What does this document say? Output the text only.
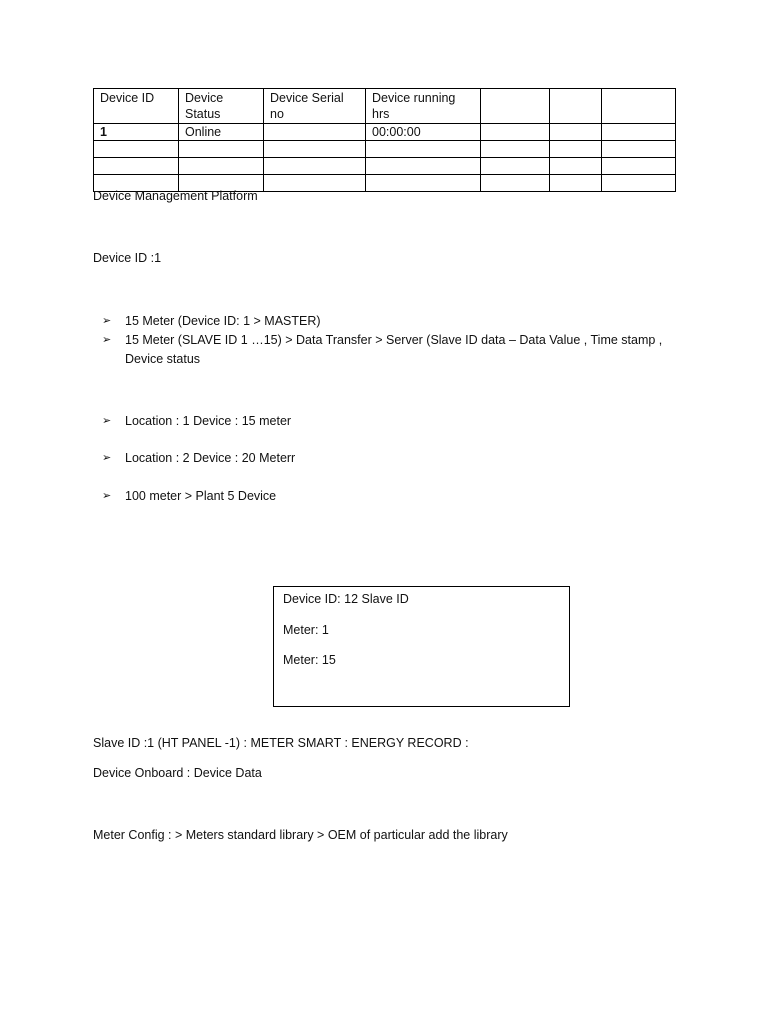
Device ID	Device Status	Device Serial no	Device running hrs			
1	Online		00:00:00			

Device Management Platform
Device ID :1
➢ 15 Meter (Device ID: 1 > MASTER)
➢ 15 Meter (SLAVE ID 1 …15) > Data Transfer > Server (Slave ID data – Data Value , Time stamp , Device status
➢ Location : 1 Device : 15 meter
➢ Location : 2 Device : 20 Meterr
➢ 100 meter > Plant 5 Device
Device ID: 12 Slave ID
Meter: 1
Meter: 15
Slave ID :1 (HT PANEL -1) : METER SMART : ENERGY RECORD :
Device Onboard : Device Data
Meter Config : > Meters standard library > OEM of particular add the library
